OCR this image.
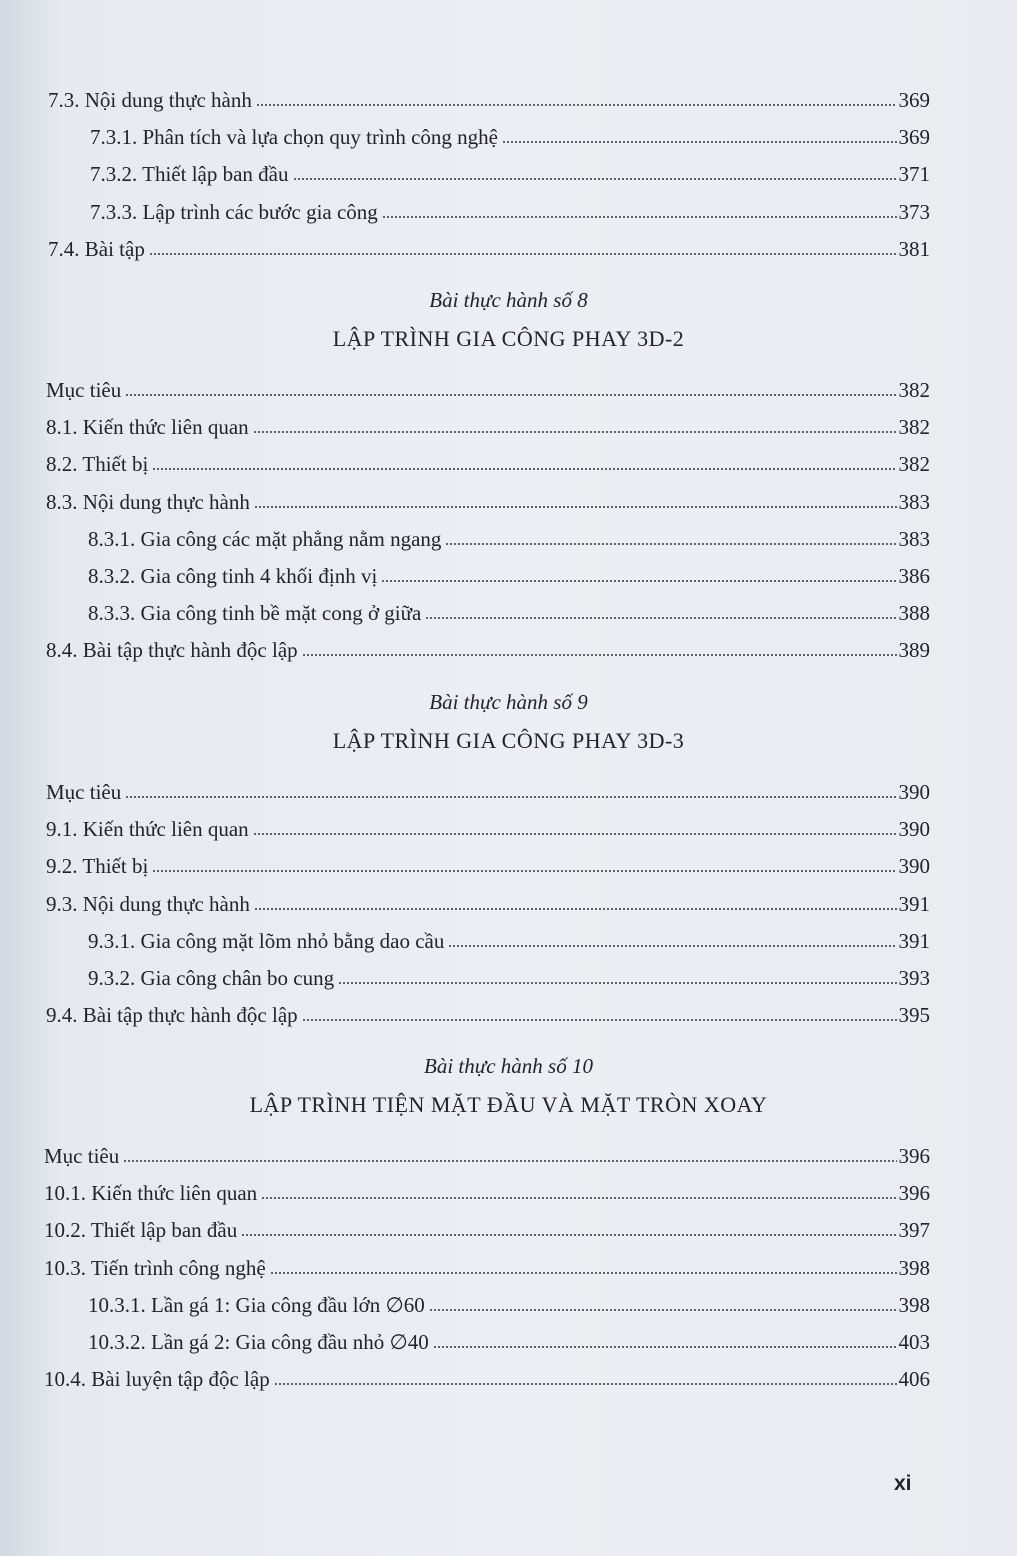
7.3. Nội dung thực hành	369
7.3.1. Phân tích và lựa chọn quy trình công nghệ	369
7.3.2. Thiết lập ban đầu	371
7.3.3. Lập trình các bước gia công	373
7.4. Bài tập	381
Bài thực hành số 8
LẬP TRÌNH GIA CÔNG PHAY 3D-2
Mục tiêu	382
8.1. Kiến thức liên quan	382
8.2. Thiết bị	382
8.3. Nội dung thực hành	383
8.3.1. Gia công các mặt phẳng nằm ngang	383
8.3.2. Gia công tinh 4 khối định vị	386
8.3.3. Gia công tinh bề mặt cong ở giữa	388
8.4. Bài tập thực hành độc lập	389
Bài thực hành số 9
LẬP TRÌNH GIA CÔNG PHAY 3D-3
Mục tiêu	390
9.1. Kiến thức liên quan	390
9.2. Thiết bị	390
9.3. Nội dung thực hành	391
9.3.1. Gia công mặt lõm nhỏ bằng dao cầu	391
9.3.2. Gia công chân bo cung	393
9.4. Bài tập thực hành độc lập	395
Bài thực hành số 10
LẬP TRÌNH TIỆN MẶT ĐẦU VÀ MẶT TRÒN XOAY
Mục tiêu	396
10.1. Kiến thức liên quan	396
10.2. Thiết lập ban đầu	397
10.3. Tiến trình công nghệ	398
10.3.1. Lần gá 1: Gia công đầu lớn ∅60	398
10.3.2. Lần gá 2: Gia công đầu nhỏ ∅40	403
10.4. Bài luyện tập độc lập	406
xi
